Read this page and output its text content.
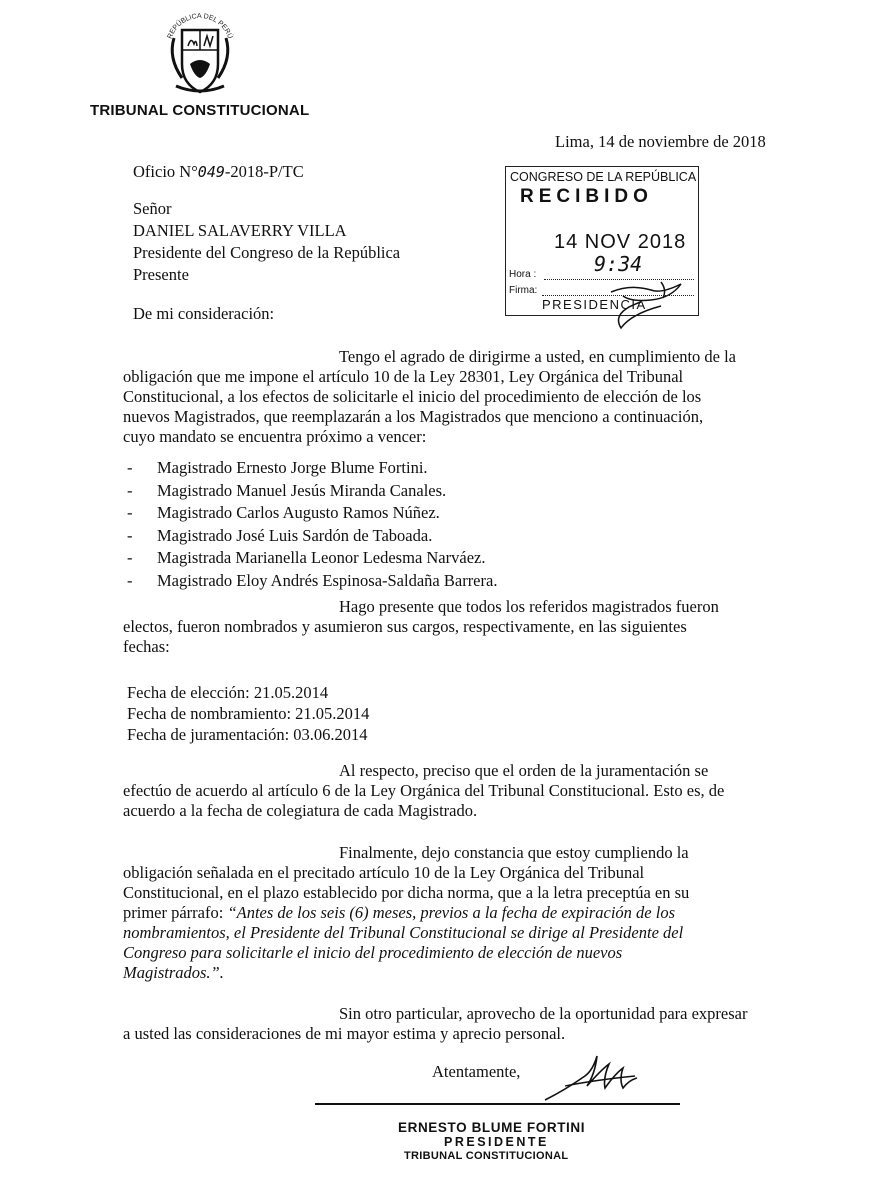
REPÚBLICA DEL PERÚ
TRIBUNAL CONSTITUCIONAL
Lima, 14 de noviembre de 2018
Oficio N°049-2018-P/TC
Señor
DANIEL SALAVERRY VILLA
Presidente del Congreso de la República
Presente
CONGRESO DE LA REPÚBLICA
RECIBIDO
14 NOV 2018
9:34
Hora :
Firma:
PRESIDENCIA
De mi consideración:
Tengo el agrado de dirigirme a usted, en cumplimiento de la
obligación que me impone el artículo 10 de la Ley 28301, Ley Orgánica del Tribunal
Constitucional, a los efectos de solicitarle el inicio del procedimiento de elección de los
nuevos Magistrados, que reemplazarán a los Magistrados que menciono a continuación,
cuyo mandato se encuentra próximo a vencer:
- Magistrado Ernesto Jorge Blume Fortini.
- Magistrado Manuel Jesús Miranda Canales.
- Magistrado Carlos Augusto Ramos Núñez.
- Magistrado José Luis Sardón de Taboada.
- Magistrada Marianella Leonor Ledesma Narváez.
- Magistrado Eloy Andrés Espinosa-Saldaña Barrera.
Hago presente que todos los referidos magistrados fueron
electos, fueron nombrados y asumieron sus cargos, respectivamente, en las siguientes
fechas:
Fecha de elección: 21.05.2014
Fecha de nombramiento: 21.05.2014
Fecha de juramentación: 03.06.2014
Al respecto, preciso que el orden de la juramentación se
efectúo de acuerdo al artículo 6 de la Ley Orgánica del Tribunal Constitucional. Esto es, de
acuerdo a la fecha de colegiatura de cada Magistrado.
Finalmente, dejo constancia que estoy cumpliendo la
obligación señalada en el precitado artículo 10 de la Ley Orgánica del Tribunal
Constitucional, en el plazo establecido por dicha norma, que a la letra preceptúa en su
primer párrafo: “Antes de los seis (6) meses, previos a la fecha de expiración de los
nombramientos, el Presidente del Tribunal Constitucional se dirige al Presidente del
Congreso para solicitarle el inicio del procedimiento de elección de nuevos
Magistrados.”.
Sin otro particular, aprovecho de la oportunidad para expresar
a usted las consideraciones de mi mayor estima y aprecio personal.
Atentamente,
ERNESTO BLUME FORTINI
PRESIDENTE
TRIBUNAL CONSTITUCIONAL
